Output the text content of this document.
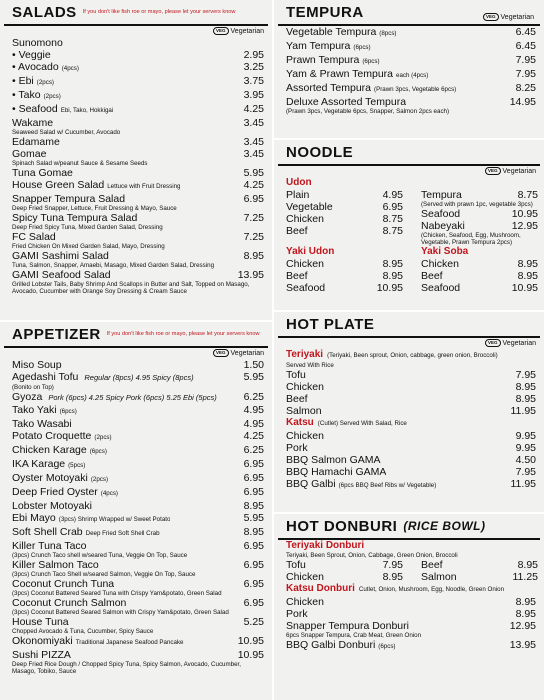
SALADS If you don't like fish roe or mayo, please let your servers know
VEG Vegetarian
Sunomono
• Veggie	2.95
• Avocado (4pcs)	3.25
• Ebi (2pcs)	3.75
• Tako (2pcs)	3.95
• Seafood Ebi, Tako, Hokkigai	4.25
Wakame	3.45
Seaweed Salad w/ Cucumber, Avocado
Edamame	3.45
Gomae	3.45
Spinach Salad w/peanut Sauce & Sesame Seeds
Tuna Gomae	5.95
House Green Salad Lettuce with Fruit Dressing	4.25
Snapper Tempura Salad	6.95
Deep Fried Snapper, Lettuce, Fruit Dressing & Mayo, Sauce
Spicy Tuna Tempura Salad	7.25
Deep Fried Spicy Tuna, Mixed Garden Salad, Dressing
FC Salad	7.25
Fried Chicken On Mixed Garden Salad, Mayo, Dressing
GAMI Sashimi Salad	8.95
Tuna, Salmon, Snapper, Amaebi, Masago, Mixed Garden Salad, Dressing
GAMI Seafood Salad	13.95
Grilled Lobster Tails, Baby Shrimp And Scallops in Butter and Salt, Topped on Masago, Avocado, Cucumber with Orange Soy Dressing & Cream Sauce
APPETIZER If you don't like fish roe or mayo, please let your servers know
VEG Vegetarian
Miso Soup	1.50
Agedashi Tofu Regular (8pcs) 4.95 Spicy (8pcs)	5.95
(Bonito on Top)
Gyoza Pork (6pcs) 4.25 Spicy Pork (6pcs) 5.25 Ebi (5pcs)	6.25
Tako Yaki (6pcs)	4.95
Tako Wasabi	4.95
Potato Croquette (2pcs)	4.25
Chicken Karage (6pcs)	6.25
IKA Karage (5pcs)	6.95
Oyster Motoyaki (2pcs)	6.95
Deep Fried Oyster (4pcs)	6.95
Lobster Motoyaki	8.95
Ebi Mayo (3pcs) Shrimp Wrapped w/ Sweet Potato	5.95
Soft Shell Crab Deep Fried Soft Shell Crab	8.95
Killer Tuna Taco	6.95
(3pcs) Crunch Taco shell w/seared Tuna, Veggie On Top, Sauce
Killer Salmon Taco	6.95
(3pcs) Crunch Taco Shell w/seared Salmon, Veggie On Top, Sauce
Coconut Crunch Tuna	6.95
(3pcs) Coconut Battered Seared Tuna with Crispy Yam&potato, Green Salad
Coconut Crunch Salmon	6.95
(3pcs) Coconut Battered Seared Salmon with Crispy Yam&potato, Green Salad
House Tuna	5.25
Chopped Avocado & Tuna, Cucumber, Spicy Sauce
Okonomiyaki Traditional Japanese Seafood Pancake	10.95
Sushi PIZZA	10.95
Deep Fried Rice Dough / Chopped Spicy Tuna, Spicy Salmon, Avocado, Cucumber, Masago, Tobiko, Sauce
TEMPURA	VEG Vegetarian
Vegetable Tempura (8pcs)	6.45
Yam Tempura (6pcs)	6.45
Prawn Tempura (6pcs)	7.95
Yam & Prawn Tempura each (4pcs)	7.95
Assorted Tempura (Prawn 3pcs, Vegetable 6pcs)	8.25
Deluxe Assorted Tempura	14.95
(Prawn 3pcs, Vegetable 6pcs, Snapper, Salmon 2pcs each)
NOODLE
VEG Vegetarian
Udon
Plain	4.95
Vegetable	6.95
Chicken	8.75
Beef	8.75
Tempura	8.75
(Served with prawn 1pc, vegetable 3pcs)
Seafood	10.95
Nabeyaki	12.95
(Chicken, Seafood, Egg, Mushroom, Vegetable, Prawn Tempura 2pcs)
Yaki Udon
Chicken	8.95
Beef	8.95
Seafood	10.95
Yaki Soba
Chicken	8.95
Beef	8.95
Seafood	10.95
HOT PLATE
VEG Vegetarian
Teriyaki (Teriyaki, Been sprout, Onion, cabbage, green onion, Broccoli)
Served With Rice
Tofu	7.95
Chicken	8.95
Beef	8.95
Salmon	11.95
Katsu (Cutlet) Served With Salad, Rice
Chicken	9.95
Pork	9.95
BBQ Salmon GAMA	4.50
BBQ Hamachi GAMA	7.95
BBQ Galbi (6pcs BBQ Beef Ribs w/ Vegetable)	11.95
HOT DONBURI (RICE BOWL)
Teriyaki Donburi
Teriyaki, Been Sprout, Onion, Cabbage, Green Onion, Broccoli
Tofu	7.95
Chicken	8.95
Beef	8.95
Salmon	11.25
Katsu Donburi Cutlet, Onion, Mushroom, Egg, Noodle, Green Onion
Chicken	8.95
Pork	8.95
Snapper Tempura Donburi	12.95
6pcs Snapper Tempura, Crab Meat, Green Onion
BBQ Galbi Donburi (6pcs)	13.95
